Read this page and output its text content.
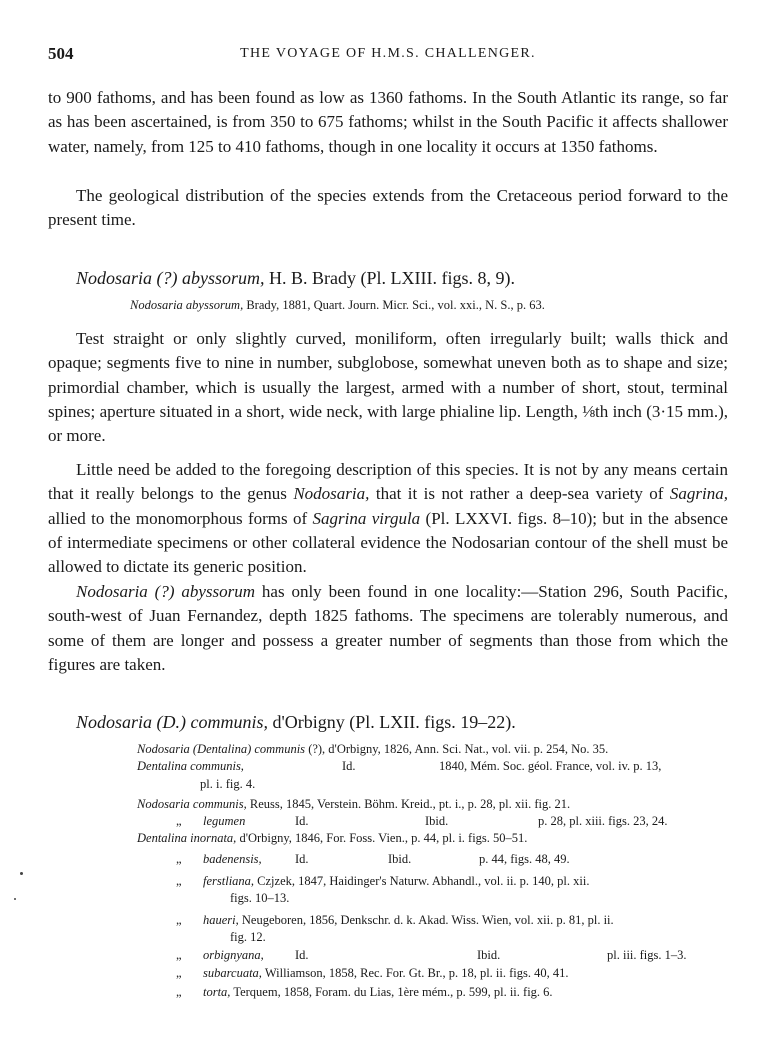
504	THE VOYAGE OF H.M.S. CHALLENGER.

to 900 fathoms, and has been found as low as 1360 fathoms. In the South Atlantic its range, so far as has been ascertained, is from 350 to 675 fathoms; whilst in the South Pacific it affects shallower water, namely, from 125 to 410 fathoms, though in one locality it occurs at 1350 fathoms.

The geological distribution of the species extends from the Cretaceous period forward to the present time.

Nodosaria (?) abyssorum, H. B. Brady (Pl. LXIII. figs. 8, 9).
Nodosaria abyssorum, Brady, 1881, Quart. Journ. Micr. Sci., vol. xxi., N. S., p. 63.

Test straight or only slightly curved, moniliform, often irregularly built; walls thick and opaque; segments five to nine in number, subglobose, somewhat uneven both as to shape and size; primordial chamber, which is usually the largest, armed with a number of short, stout, terminal spines; aperture situated in a short, wide neck, with large phialine lip. Length, ⅛th inch (3·15 mm.), or more.

Little need be added to the foregoing description of this species. It is not by any means certain that it really belongs to the genus Nodosaria, that it is not rather a deep-sea variety of Sagrina, allied to the monomorphous forms of Sagrina virgula (Pl. LXXVI. figs. 8–10); but in the absence of intermediate specimens or other collateral evidence the Nodosarian contour of the shell must be allowed to dictate its generic position.

Nodosaria (?) abyssorum has only been found in one locality:—Station 296, South Pacific, south-west of Juan Fernandez, depth 1825 fathoms. The specimens are tolerably numerous, and some of them are longer and possess a greater number of segments than those from which the figures are taken.

Nodosaria (D.) communis, d'Orbigny (Pl. LXII. figs. 19–22).
Nodosaria (Dentalina) communis (?), d'Orbigny, 1826, Ann. Sci. Nat., vol. vii. p. 254, No. 35.
Dentalina communis,	Id.	1840, Mém. Soc. géol. France, vol. iv. p. 13,
pl. i. fig. 4.
Nodosaria communis, Reuss, 1845, Verstein. Böhm. Kreid., pt. i., p. 28, pl. xii. fig. 21.
„ legumen	Id.	Ibid.	p. 28, pl. xiii. figs. 23, 24.
Dentalina inornata, d'Orbigny, 1846, For. Foss. Vien., p. 44, pl. i. figs. 50–51.
„ badenensis,	Id.	Ibid.	p. 44, figs. 48, 49.
„ ferstliana, Czjzek, 1847, Haidinger's Naturw. Abhandl., vol. ii. p. 140, pl. xii.
figs. 10–13.
„ haueri, Neugeboren, 1856, Denkschr. d. k. Akad. Wiss. Wien, vol. xii. p. 81, pl. ii.
fig. 12.
„ orbignyana, Id.	Ibid.	pl. iii. figs. 1–3.
„ subarcuata, Williamson, 1858, Rec. For. Gt. Br., p. 18, pl. ii. figs. 40, 41.
„ torta, Terquem, 1858, Foram. du Lias, 1ère mém., p. 599, pl. ii. fig. 6.
